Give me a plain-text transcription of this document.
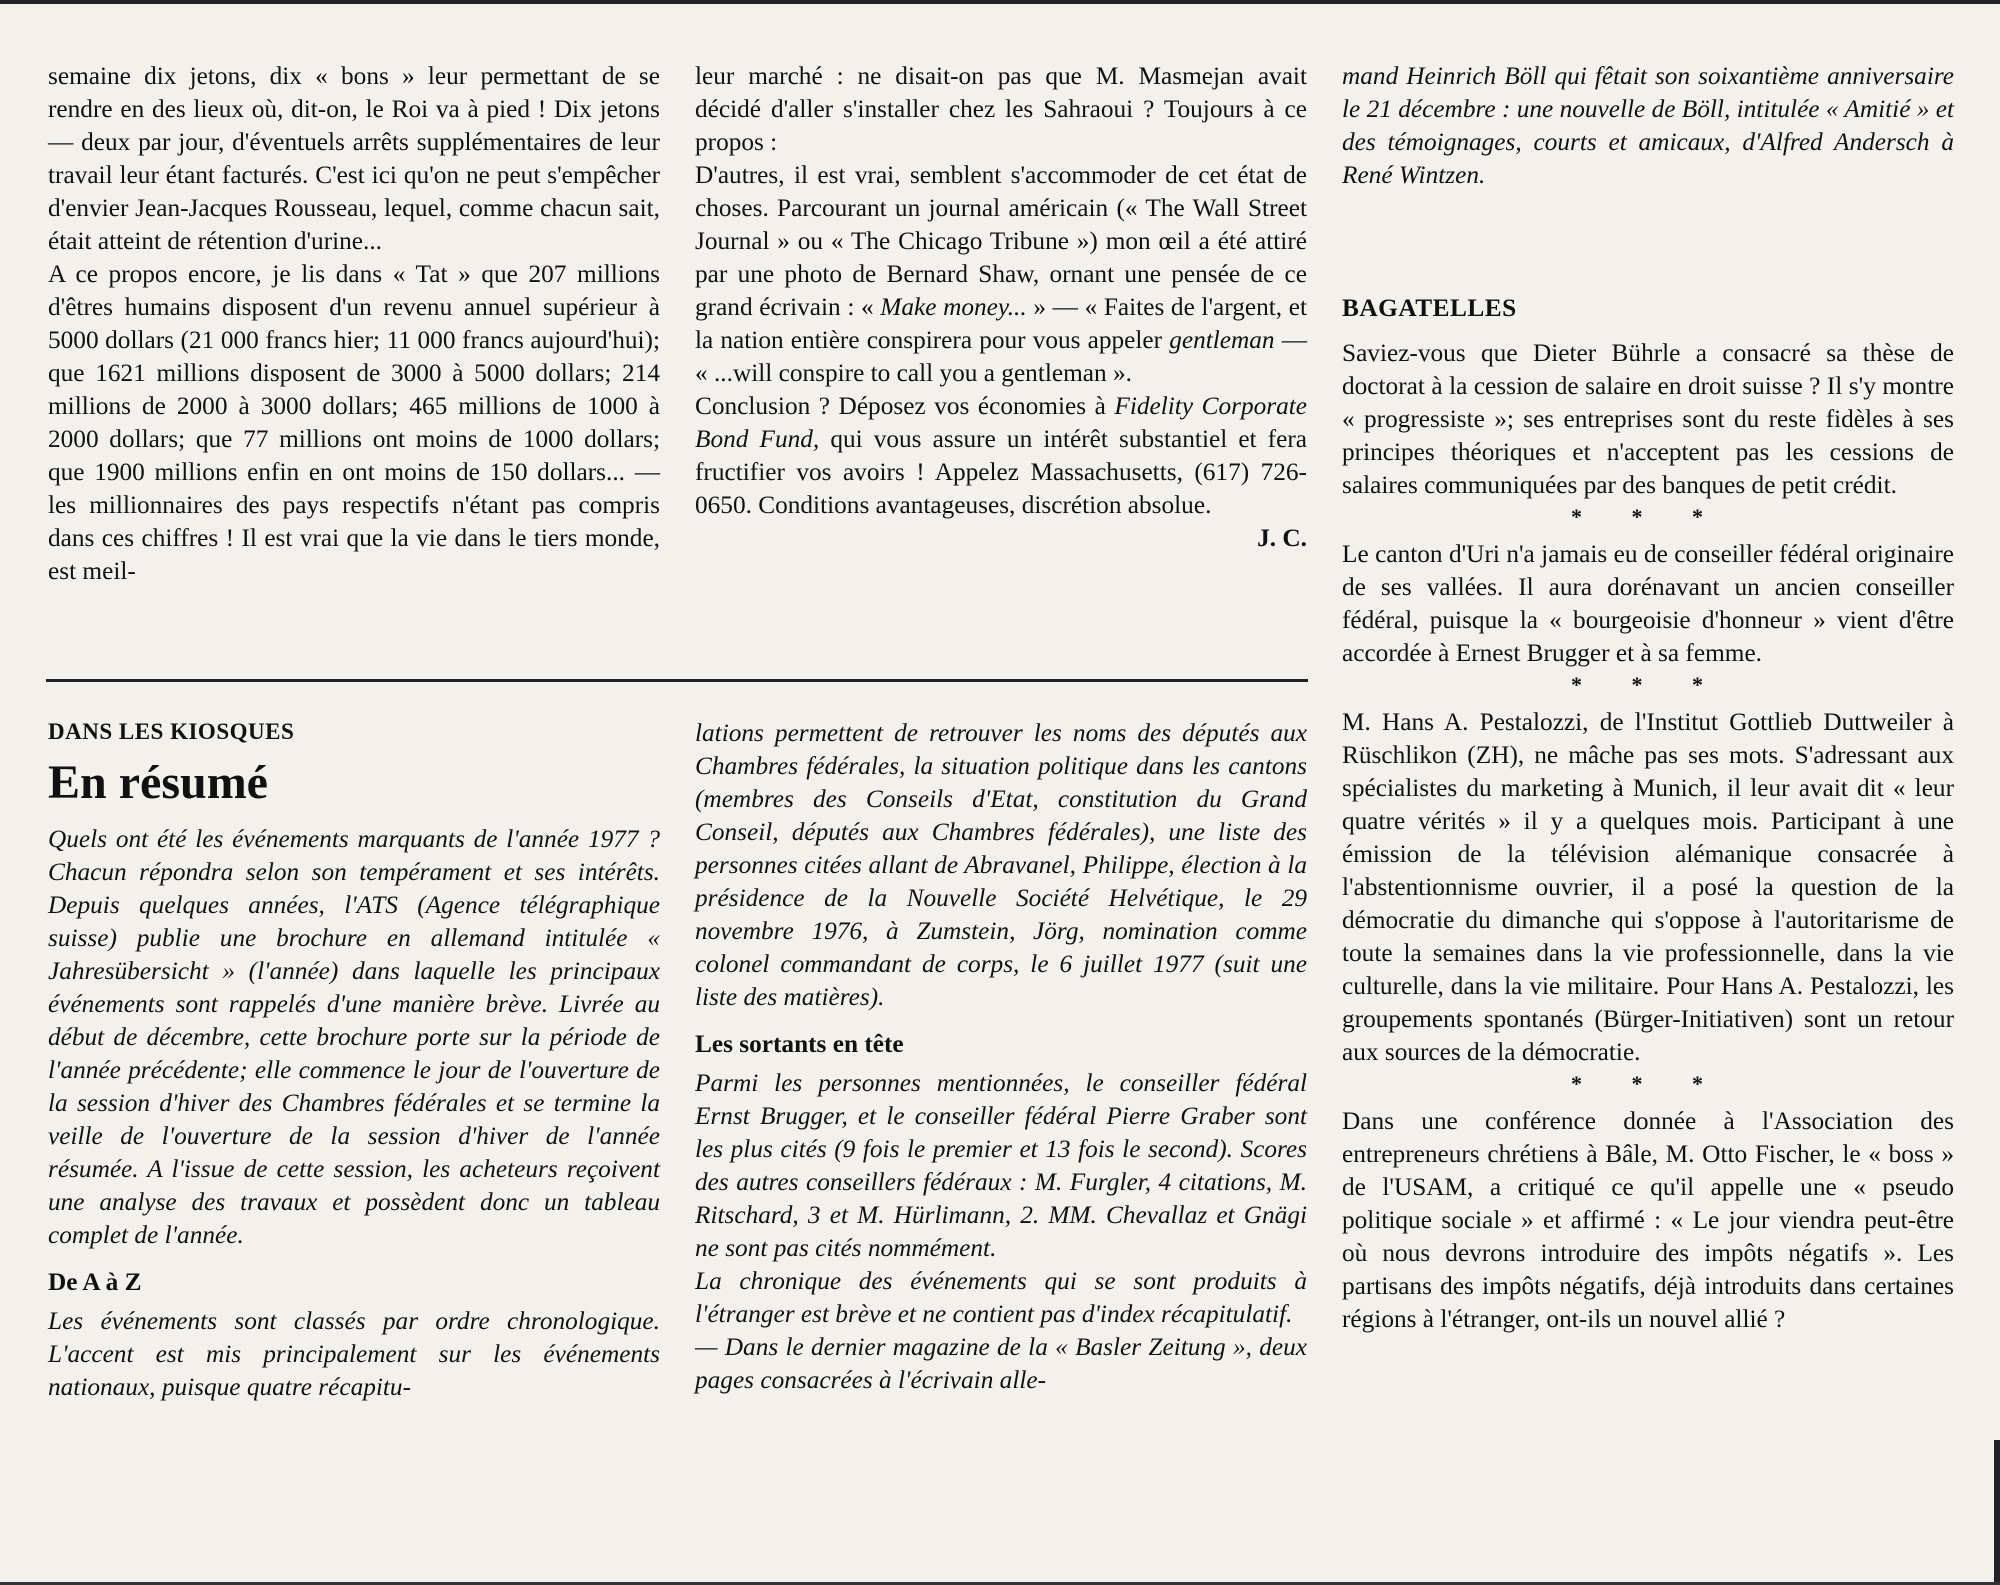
semaine dix jetons, dix « bons » leur permettant de se rendre en des lieux où, dit-on, le Roi va à pied ! Dix jetons — deux par jour, d'éventuels arrêts supplémentaires de leur travail leur étant facturés. C'est ici qu'on ne peut s'empêcher d'envier Jean-Jacques Rousseau, lequel, comme chacun sait, était atteint de rétention d'urine...

A ce propos encore, je lis dans « Tat » que 207 millions d'êtres humains disposent d'un revenu annuel supérieur à 5000 dollars (21 000 francs hier; 11 000 francs aujourd'hui); que 1621 millions disposent de 3000 à 5000 dollars; 214 millions de 2000 à 3000 dollars; 465 millions de 1000 à 2000 dollars; que 77 millions ont moins de 1000 dollars; que 1900 millions enfin en ont moins de 150 dollars... — les millionnaires des pays respectifs n'étant pas compris dans ces chiffres ! Il est vrai que la vie dans le tiers monde, est meil-

leur marché : ne disait-on pas que M. Masmejan avait décidé d'aller s'installer chez les Sahraoui ? Toujours à ce propos :

D'autres, il est vrai, semblent s'accommoder de cet état de choses. Parcourant un journal américain (« The Wall Street Journal » ou « The Chicago Tribune ») mon œil a été attiré par une photo de Bernard Shaw, ornant une pensée de ce grand écrivain : « Make money... » — « Faites de l'argent, et la nation entière conspirera pour vous appeler gentleman — « ...will conspire to call you a gentleman ».

Conclusion ? Déposez vos économies à Fidelity Corporate Bond Fund, qui vous assure un intérêt substantiel et fera fructifier vos avoirs ! Appelez Massachusetts, (617) 726-0650. Conditions avantageuses, discrétion absolue.

J. C.

mand Heinrich Böll qui fêtait son soixantième anniversaire le 21 décembre : une nouvelle de Böll, intitulée « Amitié » et des témoignages, courts et amicaux, d'Alfred Andersch à René Wintzen.

DANS LES KIOSQUES
En résumé

Quels ont été les événements marquants de l'année 1977 ? Chacun répondra selon son tempérament et ses intérêts. Depuis quelques années, l'ATS (Agence télégraphique suisse) publie une brochure en allemand intitulée « Jahresübersicht » (l'année) dans laquelle les principaux événements sont rappelés d'une manière brève. Livrée au début de décembre, cette brochure porte sur la période de l'année précédente; elle commence le jour de l'ouverture de la session d'hiver des Chambres fédérales et se termine la veille de l'ouverture de la session d'hiver de l'année résumée. A l'issue de cette session, les acheteurs reçoivent une analyse des travaux et possèdent donc un tableau complet de l'année.

De A à Z

Les événements sont classés par ordre chronologique. L'accent est mis principalement sur les événements nationaux, puisque quatre récapitu-

lations permettent de retrouver les noms des députés aux Chambres fédérales, la situation politique dans les cantons (membres des Conseils d'Etat, constitution du Grand Conseil, députés aux Chambres fédérales), une liste des personnes citées allant de Abravanel, Philippe, élection à la présidence de la Nouvelle Société Helvétique, le 29 novembre 1976, à Zumstein, Jörg, nomination comme colonel commandant de corps, le 6 juillet 1977 (suit une liste des matières).

Les sortants en tête

Parmi les personnes mentionnées, le conseiller fédéral Ernst Brugger, et le conseiller fédéral Pierre Graber sont les plus cités (9 fois le premier et 13 fois le second). Scores des autres conseillers fédéraux : M. Furgler, 4 citations, M. Ritschard, 3 et M. Hürlimann, 2. MM. Chevallaz et Gnägi ne sont pas cités nommément.

La chronique des événements qui se sont produits à l'étranger est brève et ne contient pas d'index récapitulatif.

— Dans le dernier magazine de la « Basler Zeitung », deux pages consacrées à l'écrivain alle-

BAGATELLES

Saviez-vous que Dieter Bührle a consacré sa thèse de doctorat à la cession de salaire en droit suisse ? Il s'y montre « progressiste »; ses entreprises sont du reste fidèles à ses principes théoriques et n'acceptent pas les cessions de salaires communiquées par des banques de petit crédit.

* * *

Le canton d'Uri n'a jamais eu de conseiller fédéral originaire de ses vallées. Il aura dorénavant un ancien conseiller fédéral, puisque la « bourgeoisie d'honneur » vient d'être accordée à Ernest Brugger et à sa femme.

* * *

M. Hans A. Pestalozzi, de l'Institut Gottlieb Duttweiler à Rüschlikon (ZH), ne mâche pas ses mots. S'adressant aux spécialistes du marketing à Munich, il leur avait dit « leur quatre vérités » il y a quelques mois. Participant à une émission de la télévision alémanique consacrée à l'abstentionnisme ouvrier, il a posé la question de la démocratie du dimanche qui s'oppose à l'autoritarisme de toute la semaines dans la vie professionnelle, dans la vie culturelle, dans la vie militaire. Pour Hans A. Pestalozzi, les groupements spontanés (Bürger-Initiativen) sont un retour aux sources de la démocratie.

* * *

Dans une conférence donnée à l'Association des entrepreneurs chrétiens à Bâle, M. Otto Fischer, le « boss » de l'USAM, a critiqué ce qu'il appelle une « pseudo politique sociale » et affirmé : « Le jour viendra peut-être où nous devrons introduire des impôts négatifs ». Les partisans des impôts négatifs, déjà introduits dans certaines régions à l'étranger, ont-ils un nouvel allié ?
